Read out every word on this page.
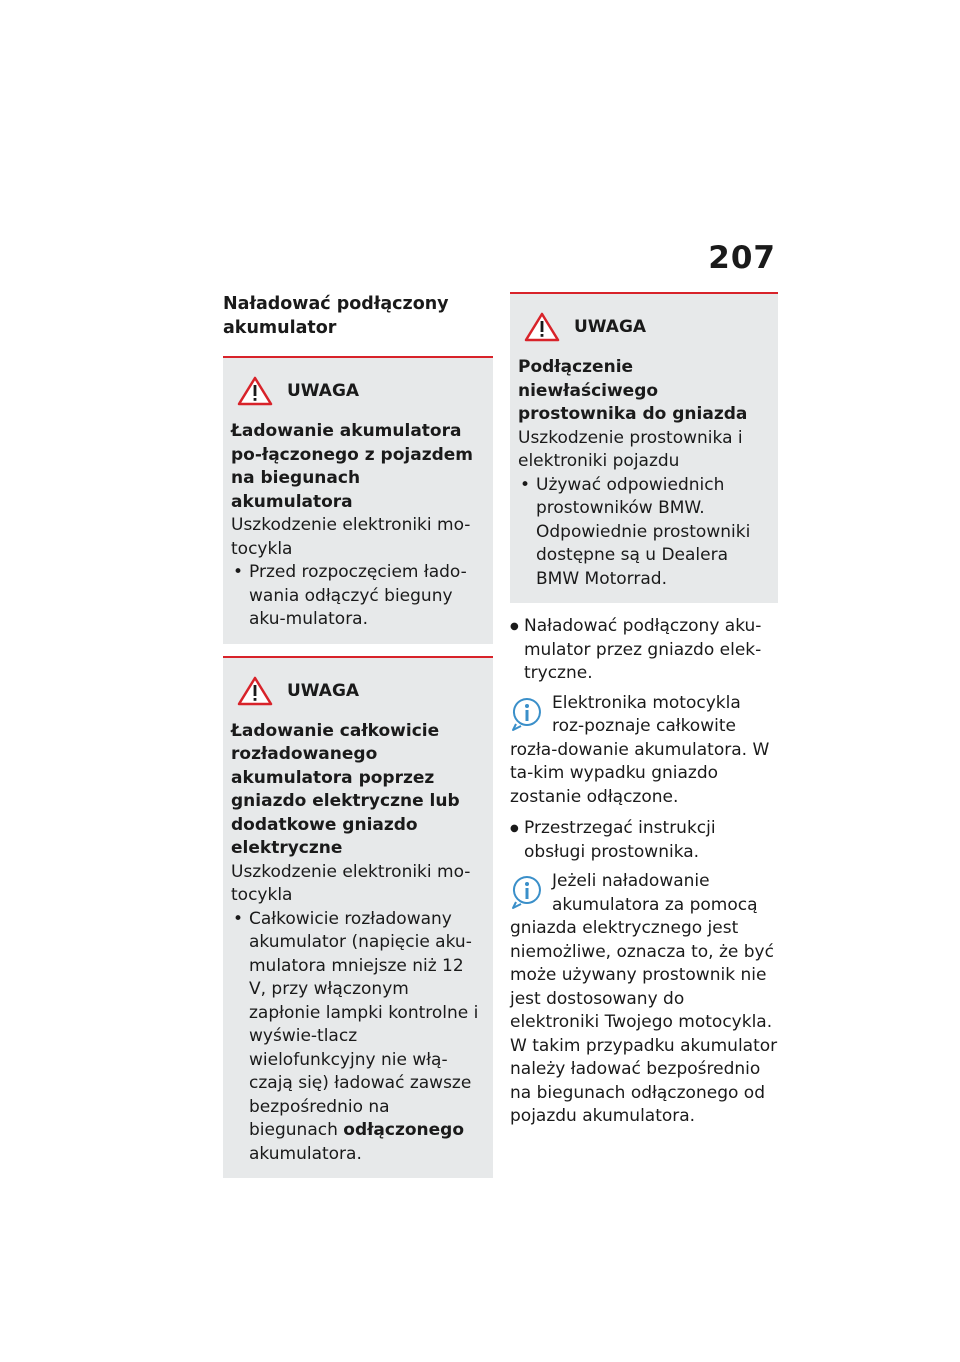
207
Naładować podłączony
akumulator
UWAGA
Ładowanie akumulatora po-łączonego z pojazdem na biegunach akumulatora
Uszkodzenie elektroniki mo-tocykla
• Przed rozpoczęciem łado-wania odłączyć bieguny aku-mulatora.
UWAGA
Ładowanie całkowicie rozładowanego akumulatora poprzez gniazdo elektryczne lub dodatkowe gniazdo elektryczne
Uszkodzenie elektroniki mo-tocykla
• Całkowicie rozładowany akumulator (napięcie aku-mulatora mniejsze niż 12 V, przy włączonym zapłonie lampki kontrolne i wyświe-tlacz wielofunkcyjny nie włą-czają się) ładować zawsze bezpośrednio na biegunach odłączonego akumulatora.
UWAGA
Podłączenie niewłaściwego prostownika do gniazda
Uszkodzenie prostownika i elektroniki pojazdu
• Używać odpowiednich prostowników BMW. Odpowiednie prostowniki dostępne są u Dealera BMW Motorrad.
● Naładować podłączony aku-mulator przez gniazdo elek-tryczne.
Elektronika motocykla roz-poznaje całkowite rozła-dowanie akumulatora. W ta-kim wypadku gniazdo zostanie odłączone.
● Przestrzegać instrukcji obsługi prostownika.
Jeżeli naładowanie akumulatora za pomocą gniazda elektrycznego jest niemożliwe, oznacza to, że być może używany prostownik nie jest dostosowany do elektroniki Twojego motocykla. W takim przypadku akumulator należy ładować bezpośrednio na biegunach odłączonego od pojazdu akumulatora.
